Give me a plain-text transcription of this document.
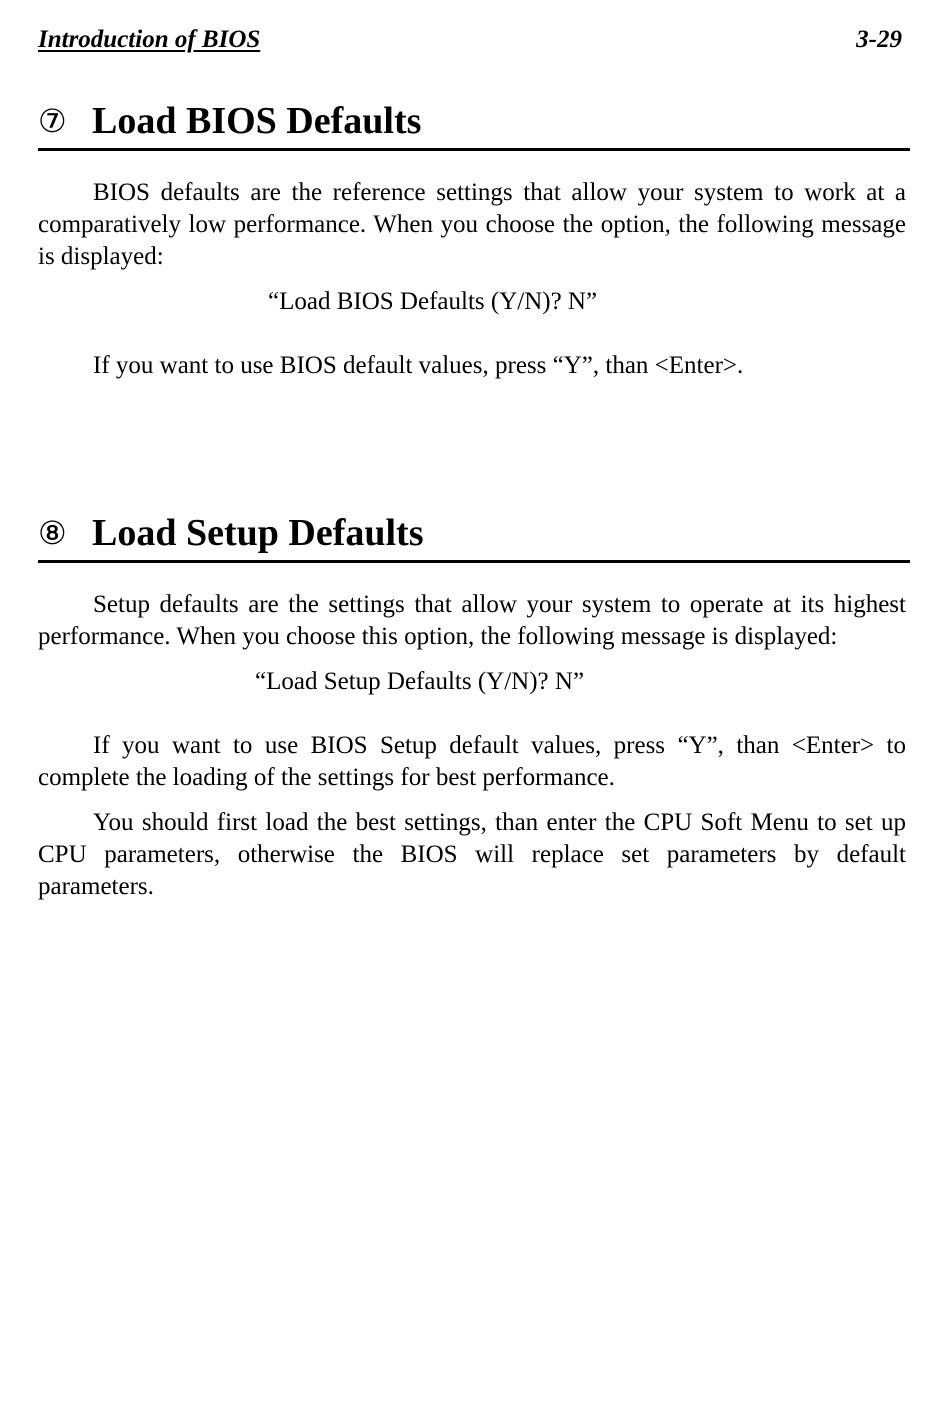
Introduction of BIOS	3-29
⑦ Load BIOS Defaults

BIOS defaults are the reference settings that allow your system to work at a comparatively low performance. When you choose the option, the following message is displayed:

“Load BIOS Defaults (Y/N)? N”

If you want to use BIOS default values, press “Y”, than <Enter>.

⑧ Load Setup Defaults

Setup defaults are the settings that allow your system to operate at its highest performance. When you choose this option, the following message is displayed:

“Load Setup Defaults (Y/N)? N”

If you want to use BIOS Setup default values, press “Y”, than <Enter> to complete the loading of the settings for best performance.

You should first load the best settings, than enter the CPU Soft Menu to set up CPU parameters, otherwise the BIOS will replace set parameters by default parameters.
